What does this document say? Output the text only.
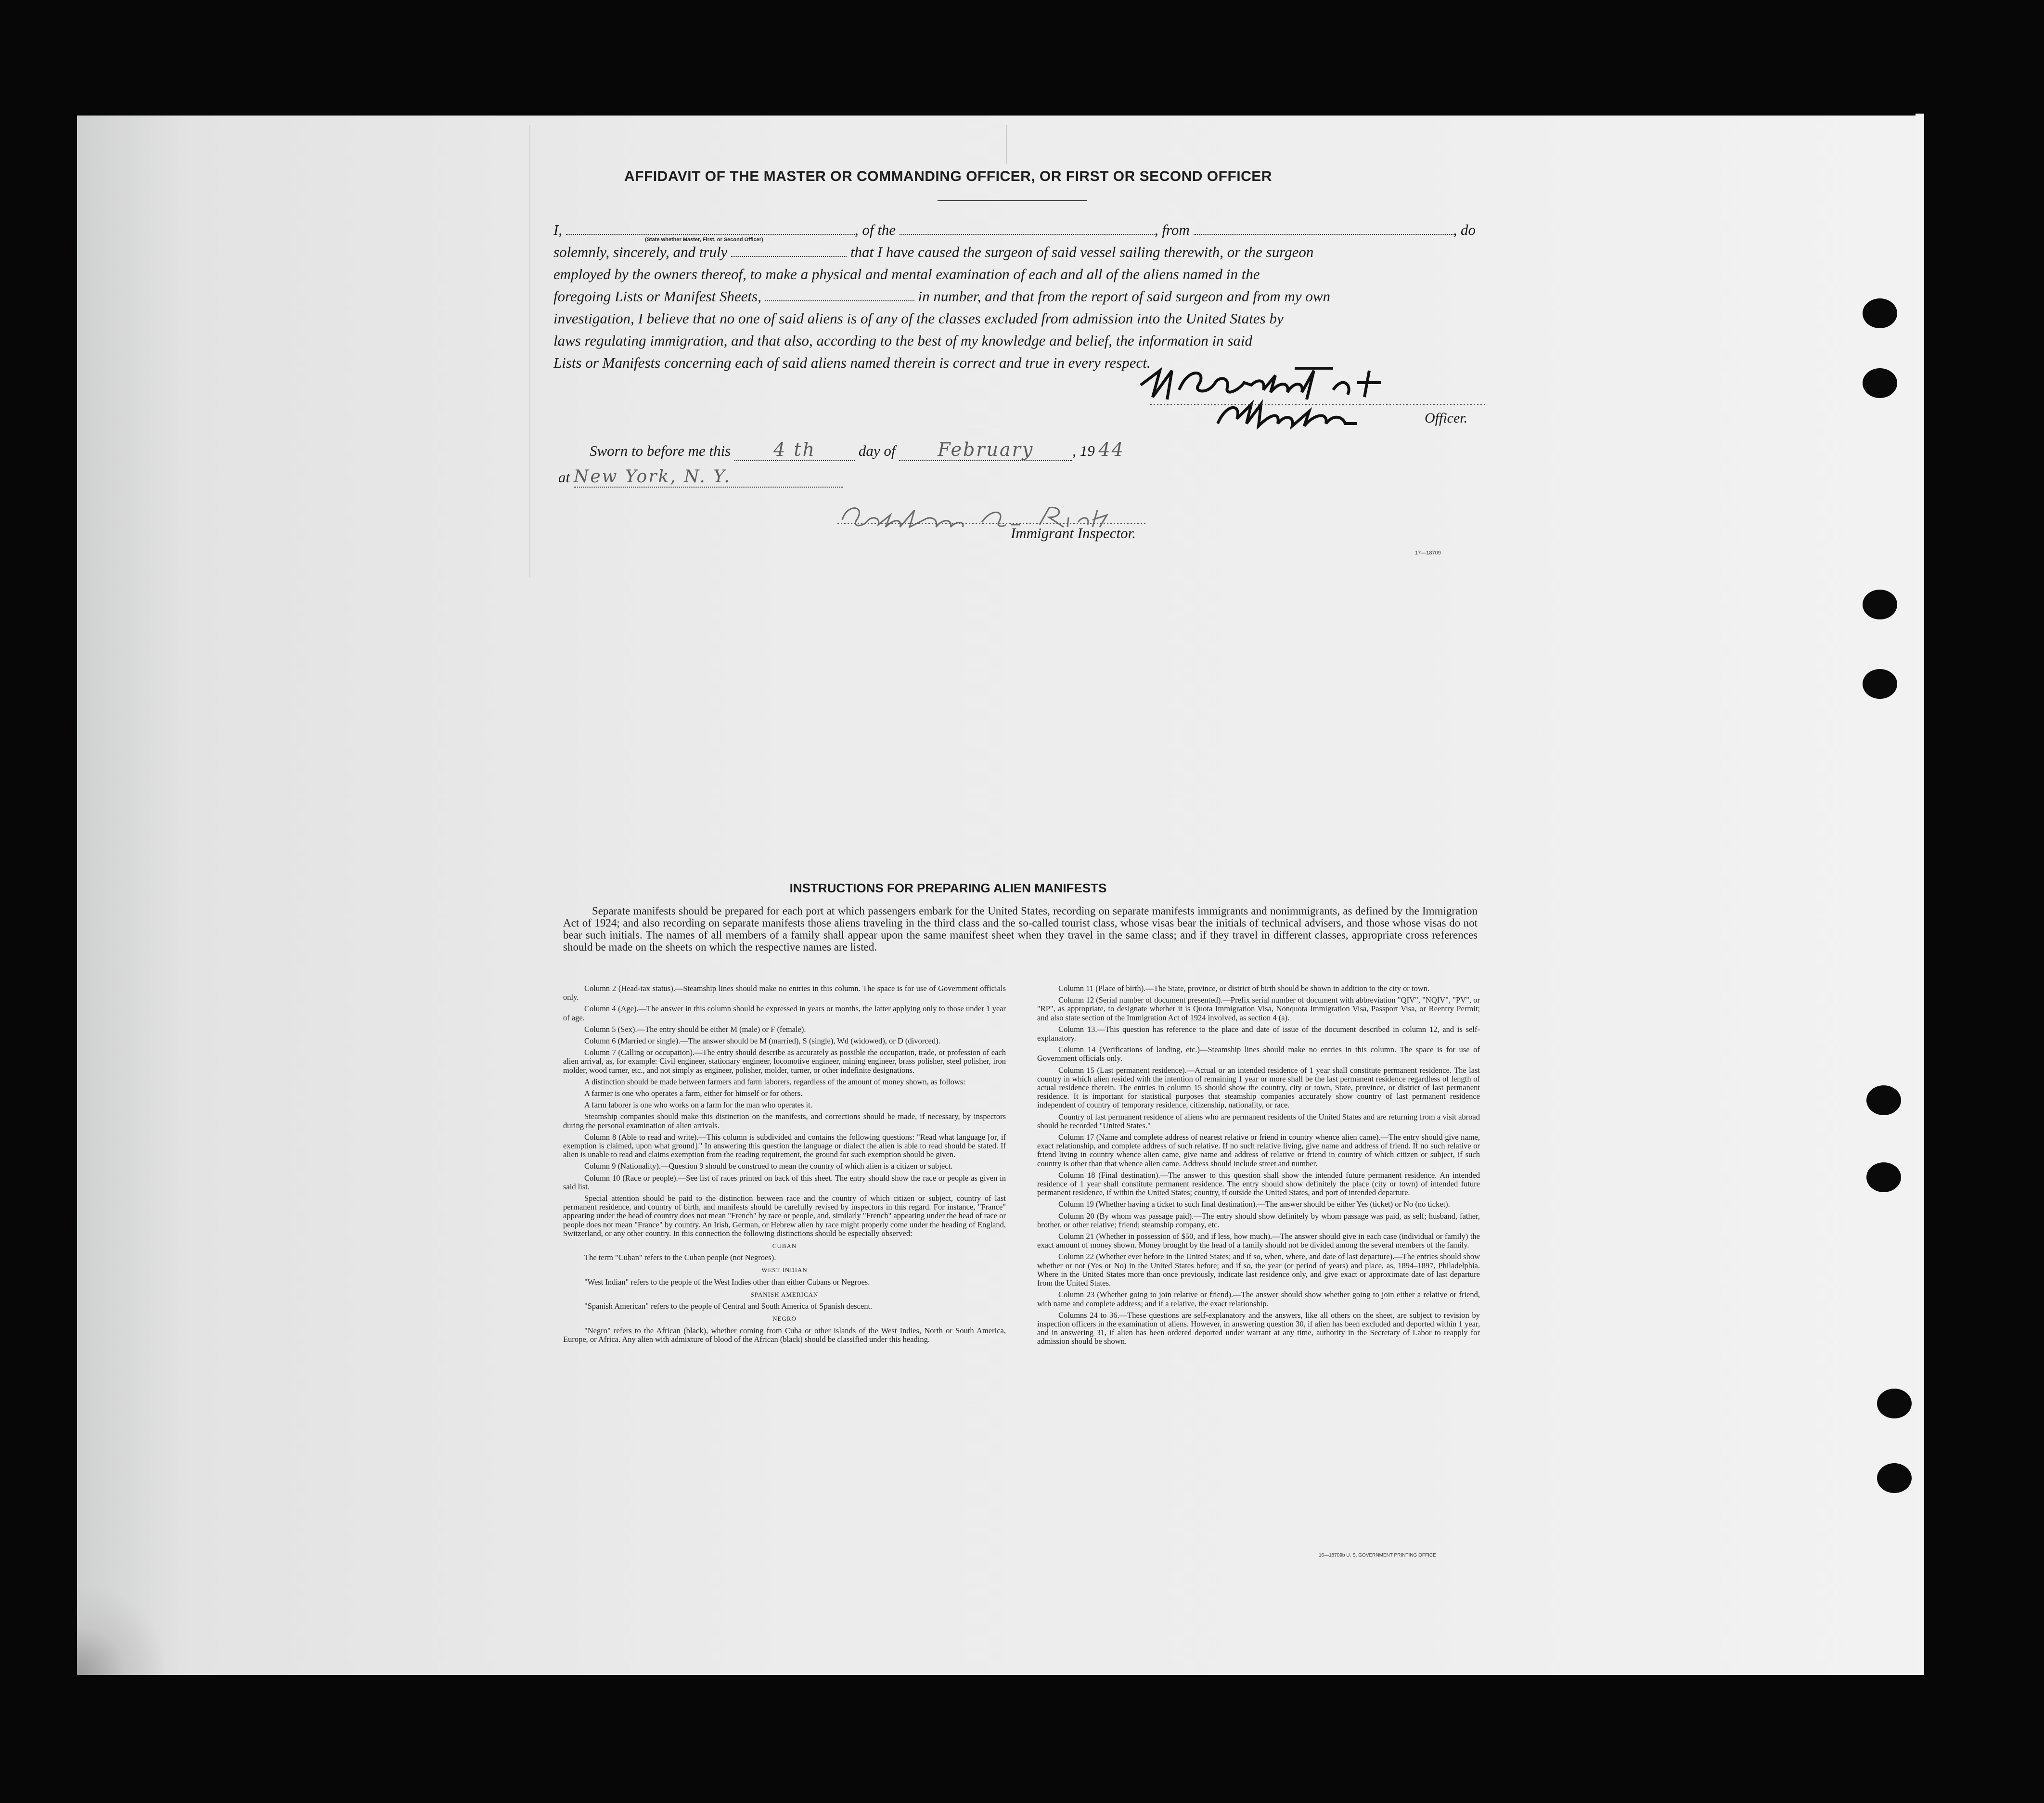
AFFIDAVIT OF THE MASTER OR COMMANDING OFFICER, OR FIRST OR SECOND OFFICER
I,	, of the	, from	, do
solemnly, sincerely, and truly	that I have caused the surgeon of said vessel sailing therewith, or the surgeon
employed by the owners thereof, to make a physical and mental examination of each and all of the aliens named in the
foregoing Lists or Manifest Sheets,	in number, and that from the report of said surgeon and from my own
investigation, I believe that no one of said aliens is of any of the classes excluded from admission into the United States by
laws regulating immigration, and that also, according to the best of my knowledge and belief, the information in said
Lists or Manifests concerning each of said aliens named therein is correct and true in every respect.
(State whether Master, First, or Second Officer)
Officer.
Sworn to before me this 4 th	day of February	, 19 44
at New York, N. Y.
Immigrant Inspector.
17—18709
INSTRUCTIONS FOR PREPARING ALIEN MANIFESTS
Separate manifests should be prepared for each port at which passengers embark for the United States, recording on separate manifests immigrants and nonimmigrants, as defined by the Immigration Act of 1924; and also recording on separate manifests those aliens traveling in the third class and the so-called tourist class, whose visas bear the initials of technical advisers, and those whose visas do not bear such initials. The names of all members of a family shall appear upon the same manifest sheet when they travel in the same class; and if they travel in different classes, appropriate cross references should be made on the sheets on which the respective names are listed.

Column 2 (Head-tax status).—Steamship lines should make no entries in this column. The space is for use of Government officials only.

Column 4 (Age).—The answer in this column should be expressed in years or months, the latter applying only to those under 1 year of age.

Column 5 (Sex).—The entry should be either M (male) or F (female).

Column 6 (Married or single).—The answer should be M (married), S (single), Wd (widowed), or D (divorced).

Column 7 (Calling or occupation).—The entry should describe as accurately as possible the occupation, trade, or profession of each alien arrival, as, for example: Civil engineer, stationary engineer, locomotive engineer, mining engineer, brass polisher, steel polisher, iron molder, wood turner, etc., and not simply as engineer, polisher, molder, turner, or other indefinite designations.

A distinction should be made between farmers and farm laborers, regardless of the amount of money shown, as follows:

A farmer is one who operates a farm, either for himself or for others.

A farm laborer is one who works on a farm for the man who operates it.

Steamship companies should make this distinction on the manifests, and corrections should be made, if necessary, by inspectors during the personal examination of alien arrivals.

Column 8 (Able to read and write).—This column is subdivided and contains the following questions: "Read what language [or, if exemption is claimed, upon what ground]." In answering this question the language or dialect the alien is able to read should be stated. If alien is unable to read and claims exemption from the reading requirement, the ground for such exemption should be given.

Column 9 (Nationality).—Question 9 should be construed to mean the country of which alien is a citizen or subject.

Column 10 (Race or people).—See list of races printed on back of this sheet. The entry should show the race or people as given in said list.

Special attention should be paid to the distinction between race and the country of which citizen or subject, country of last permanent residence, and country of birth, and manifests should be carefully revised by inspectors in this regard. For instance, "France" appearing under the head of country does not mean "French" by race or people, and, similarly "French" appearing under the head of race or people does not mean "France" by country. An Irish, German, or Hebrew alien by race might properly come under the heading of England, Switzerland, or any other country. In this connection the following distinctions should be especially observed:

CUBAN

The term "Cuban" refers to the Cuban people (not Negroes).

WEST INDIAN

"West Indian" refers to the people of the West Indies other than either Cubans or Negroes.

SPANISH AMERICAN

"Spanish American" refers to the people of Central and South America of Spanish descent.

NEGRO

"Negro" refers to the African (black), whether coming from Cuba or other islands of the West Indies, North or South America, Europe, or Africa. Any alien with admixture of blood of the African (black) should be classified under this heading.

Column 11 (Place of birth).—The State, province, or district of birth should be shown in addition to the city or town.

Column 12 (Serial number of document presented).—Prefix serial number of document with abbreviation "QIV", "NQIV", "PV", or "RP", as appropriate, to designate whether it is Quota Immigration Visa, Nonquota Immigration Visa, Passport Visa, or Reentry Permit; and also state section of the Immigration Act of 1924 involved, as section 4 (a).

Column 13.—This question has reference to the place and date of issue of the document described in column 12, and is self-explanatory.

Column 14 (Verifications of landing, etc.)—Steamship lines should make no entries in this column. The space is for use of Government officials only.

Column 15 (Last permanent residence).—Actual or an intended residence of 1 year shall constitute permanent residence. The last country in which alien resided with the intention of remaining 1 year or more shall be the last permanent residence regardless of length of actual residence therein. The entries in column 15 should show the country, city or town, State, province, or district of last permanent residence. It is important for statistical purposes that steamship companies accurately show country of last permanent residence independent of country of temporary residence, citizenship, nationality, or race.

Country of last permanent residence of aliens who are permanent residents of the United States and are returning from a visit abroad should be recorded "United States."

Column 17 (Name and complete address of nearest relative or friend in country whence alien came).—The entry should give name, exact relationship, and complete address of such relative. If no such relative living, give name and address of friend. If no such relative or friend living in country whence alien came, give name and address of relative or friend in country of which citizen or subject, if such country is other than that whence alien came. Address should include street and number.

Column 18 (Final destination).—The answer to this question shall show the intended future permanent residence. An intended residence of 1 year shall constitute permanent residence. The entry should show definitely the place (city or town) of intended future permanent residence, if within the United States; country, if outside the United States, and port of intended departure.

Column 19 (Whether having a ticket to such final destination).—The answer should be either Yes (ticket) or No (no ticket).

Column 20 (By whom was passage paid).—The entry should show definitely by whom passage was paid, as self; husband, father, brother, or other relative; friend; steamship company, etc.

Column 21 (Whether in possession of $50, and if less, how much).—The answer should give in each case (individual or family) the exact amount of money shown. Money brought by the head of a family should not be divided among the several members of the family.

Column 22 (Whether ever before in the United States; and if so, when, where, and date of last departure).—The entries should show whether or not (Yes or No) in the United States before; and if so, the year (or period of years) and place, as, 1894–1897, Philadelphia. Where in the United States more than once previously, indicate last residence only, and give exact or approximate date of last departure from the United States.

Column 23 (Whether going to join relative or friend).—The answer should show whether going to join either a relative or friend, with name and complete address; and if a relative, the exact relationship.

Columns 24 to 36.—These questions are self-explanatory and the answers, like all others on the sheet, are subject to revision by inspection officers in the examination of aliens. However, in answering question 30, if alien has been excluded and deported within 1 year, and in answering 31, if alien has been ordered deported under warrant at any time, authority in the Secretary of Labor to reapply for admission should be shown.

16—18709b U. S. GOVERNMENT PRINTING OFFICE
